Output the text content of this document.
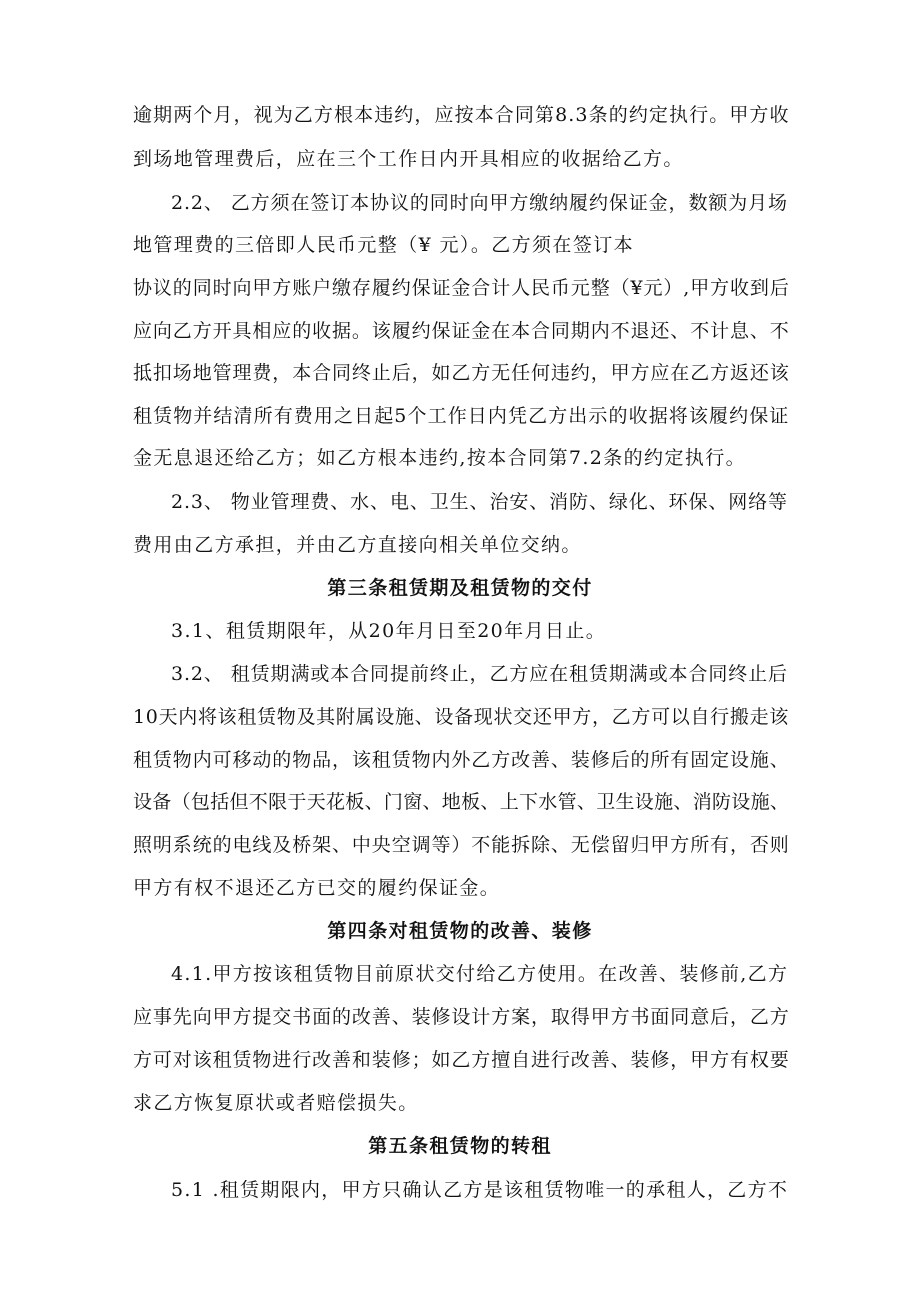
逾期两个月，视为乙方根本违约，应按本合同第8.3条的约定执行。甲方收
到场地管理费后，应在三个工作日内开具相应的收据给乙方。
2.2、 乙方须在签订本协议的同时向甲方缴纳履约保证金，数额为月场
地管理费的三倍即人民币元整（¥ 元）。乙方须在签订本
协议的同时向甲方账户缴存履约保证金合计人民币元整（¥元）,甲方收到后
应向乙方开具相应的收据。该履约保证金在本合同期内不退还、不计息、不
抵扣场地管理费，本合同终止后，如乙方无任何违约，甲方应在乙方返还该
租赁物并结清所有费用之日起5个工作日内凭乙方出示的收据将该履约保证
金无息退还给乙方；如乙方根本违约,按本合同第7.2条的约定执行。
2.3、 物业管理费、水、电、卫生、治安、消防、绿化、环保、网络等
费用由乙方承担，并由乙方直接向相关单位交纳。
第三条租赁期及租赁物的交付
3.1、租赁期限年，从20年月日至20年月日止。
3.2、 租赁期满或本合同提前终止，乙方应在租赁期满或本合同终止后
10天内将该租赁物及其附属设施、设备现状交还甲方，乙方可以自行搬走该
租赁物内可移动的物品，该租赁物内外乙方改善、装修后的所有固定设施、
设备（包括但不限于天花板、门窗、地板、上下水管、卫生设施、消防设施、
照明系统的电线及桥架、中央空调等）不能拆除、无偿留归甲方所有，否则
甲方有权不退还乙方已交的履约保证金。
第四条对租赁物的改善、装修
4.1.甲方按该租赁物目前原状交付给乙方使用。在改善、装修前,乙方
应事先向甲方提交书面的改善、装修设计方案，取得甲方书面同意后，乙方
方可对该租赁物进行改善和装修；如乙方擅自进行改善、装修，甲方有权要
求乙方恢复原状或者赔偿损失。
第五条租赁物的转租
5.1 .租赁期限内，甲方只确认乙方是该租赁物唯一的承租人，乙方不
